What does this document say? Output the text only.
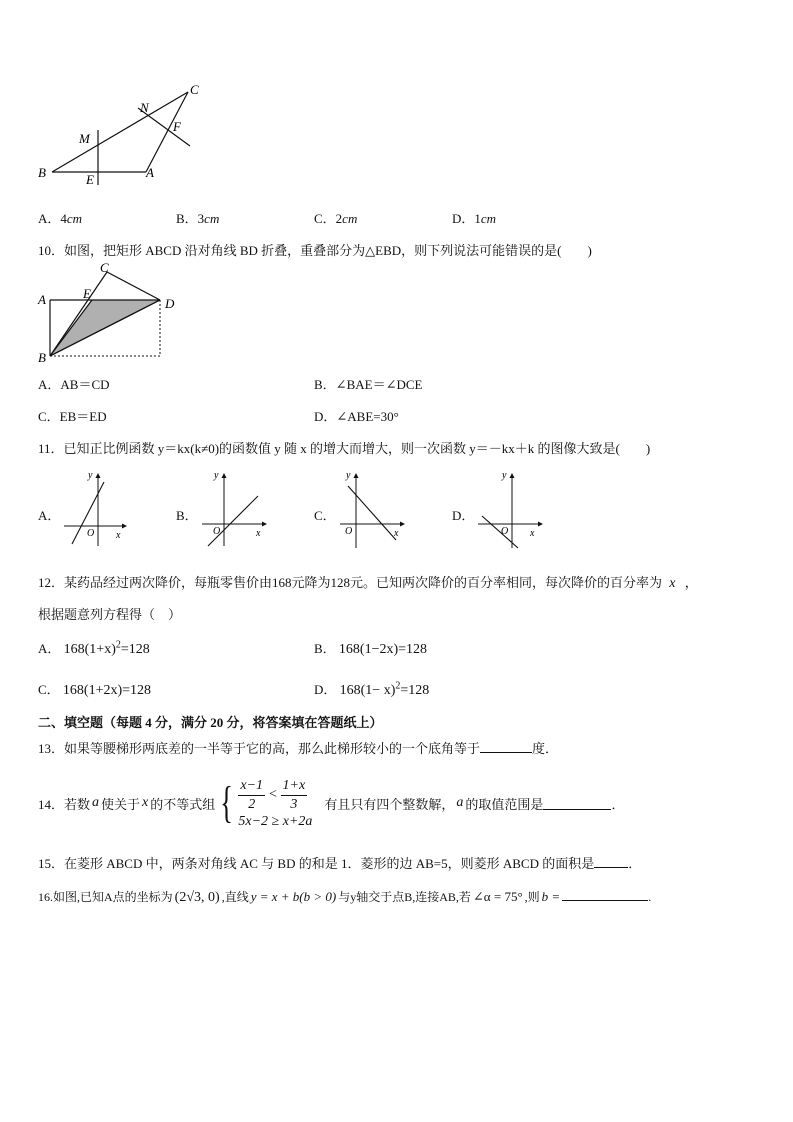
C
N
M
F
B	E	A
A．4cm	B．3cm	C．2cm	D．1cm
10．如图，把矩形 ABCD 沿对角线 BD 折叠，重叠部分为△EBD，则下列说法可能错误的是(　　)
C
A	E
D
B
A．AB＝CD	B．∠BAE＝∠DCE
C．EB＝ED	D．∠ABE=30°
11．已知正比例函数 y＝kx(k≠0)的函数值 y 随 x 的增大而增大，则一次函数 y＝－kx＋k 的图像大致是(　　)
A．
y
x
O
B．
y
x
O
C．
y
x
O
D．
y
x
O
12．某药品经过两次降价，每瓶零售价由168元降为128元。已知两次降价的百分率相同，每次降价的百分率为 x ，
根据题意列方程得（　）
A． $168(1+x)^2=128$	B． 168(1−2x)=128
C． 168(1+2x)=128	D． $168(1- x)^2=128$
二、填空题（每题 4 分，满分 20 分，将答案填在答题纸上）
13．如果等腰梯形两底差的一半等于它的高，那么此梯形较小的一个底角等于	度．
14．若数 a 使关于 x 的不等式组 { $\frac{x-1}{2} < \frac{1+x}{3}$
5x−2 ≥ x+2a
有且只有四个整数解， a 的取值范围是	．
15．在菱形 ABCD 中，两条对角线 AC 与 BD 的和是 1．菱形的边 AB=5，则菱形 ABCD 的面积是	．
16.如图,已知A点的坐标为 (2√3, 0) ,直线 y = x + b(b > 0) 与y轴交于点B,连接AB,若 ∠α = 75° ,则 b =	.
